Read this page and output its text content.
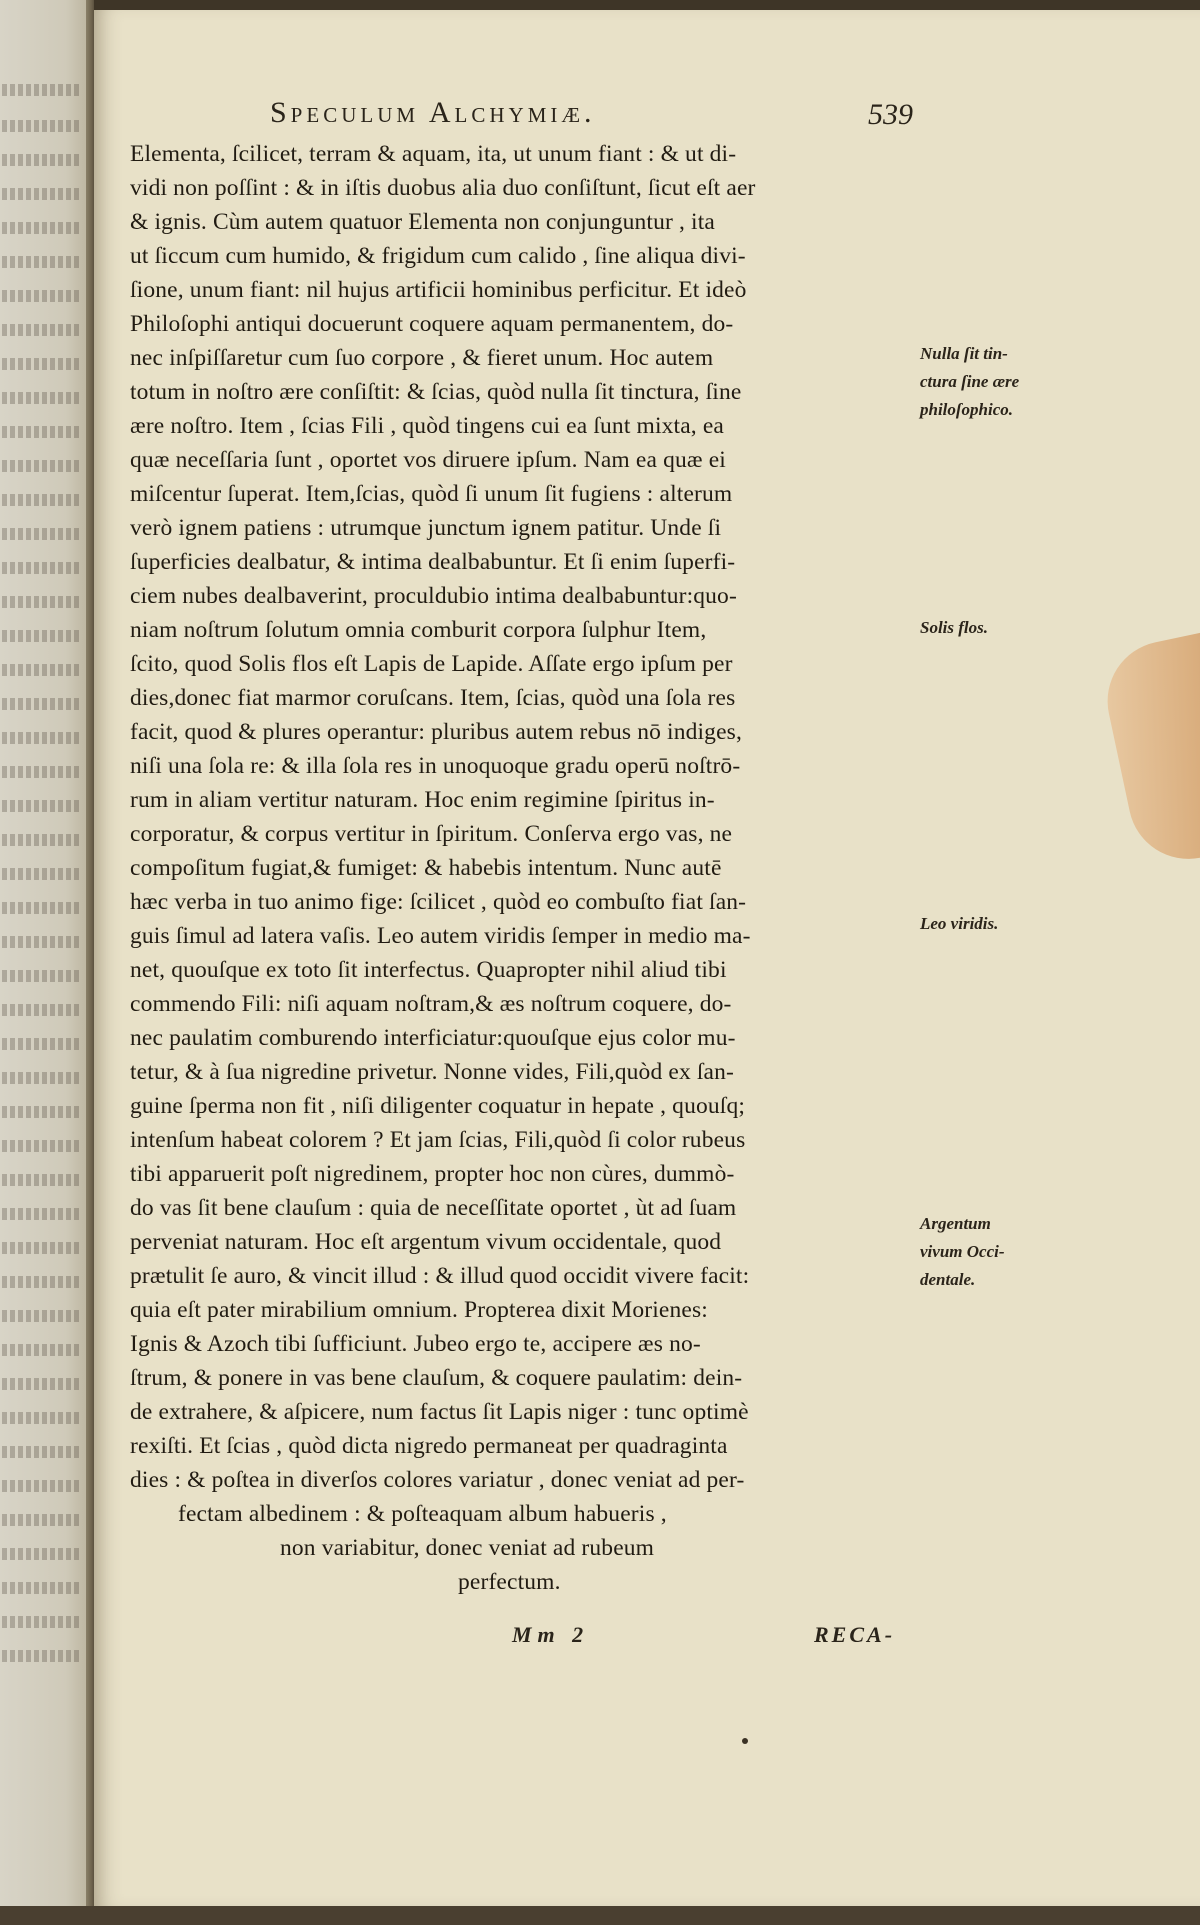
Speculum Alchymiæ.	539
Elementa, ſcilicet, terram & aquam, ita, ut unum fiant : & ut di-
vidi non poſſint : & in iſtis duobus alia duo conſiſtunt, ſicut eſt aer
& ignis. Cùm autem quatuor Elementa non conjunguntur , ita
ut ſiccum cum humido, & frigidum cum calido , ſine aliqua divi-
ſione, unum fiant: nil hujus artificii hominibus perficitur. Et ideò
Philoſophi antiqui docuerunt coquere aquam permanentem, do-
nec inſpiſſaretur cum ſuo corpore , & fieret unum. Hoc autem
totum in noſtro ære conſiſtit: & ſcias, quòd nulla ſit tinctura, ſine
ære noſtro. Item , ſcias Fili , quòd tingens cui ea ſunt mixta, ea
quæ neceſſaria ſunt , oportet vos diruere ipſum. Nam ea quæ ei
miſcentur ſuperat. Item,ſcias, quòd ſi unum ſit fugiens : alterum
verò ignem patiens : utrumque junctum ignem patitur. Unde ſi
ſuperficies dealbatur, & intima dealbabuntur. Et ſi enim ſuperfi-
ciem nubes dealbaverint, proculdubio intima dealbabuntur:quo-
niam noſtrum ſolutum omnia comburit corpora ſulphur Item,
ſcito, quod Solis flos eſt Lapis de Lapide. Aſſate ergo ipſum per
dies,donec fiat marmor coruſcans. Item, ſcias, quòd una ſola res
facit, quod & plures operantur: pluribus autem rebus nō indiges,
niſi una ſola re: & illa ſola res in unoquoque gradu operū noſtrō-
rum in aliam vertitur naturam. Hoc enim regimine ſpiritus in-
corporatur, & corpus vertitur in ſpiritum. Conſerva ergo vas, ne
compoſitum fugiat,& fumiget: & habebis intentum. Nunc autē
hæc verba in tuo animo fige: ſcilicet , quòd eo combuſto fiat ſan-
guis ſimul ad latera vaſis. Leo autem viridis ſemper in medio ma-
net, quouſque ex toto ſit interfectus. Quapropter nihil aliud tibi
commendo Fili: niſi aquam noſtram,& æs noſtrum coquere, do-
nec paulatim comburendo interficiatur:quouſque ejus color mu-
tetur, & à ſua nigredine privetur. Nonne vides, Fili,quòd ex ſan-
guine ſperma non fit , niſi diligenter coquatur in hepate , quouſq;
intenſum habeat colorem ? Et jam ſcias, Fili,quòd ſi color rubeus
tibi apparuerit poſt nigredinem, propter hoc non cùres, dummò-
do vas ſit bene clauſum : quia de neceſſitate oportet , ùt ad ſuam
perveniat naturam. Hoc eſt argentum vivum occidentale, quod
prætulit ſe auro, & vincit illud : & illud quod occidit vivere facit:
quia eſt pater mirabilium omnium. Propterea dixit Morienes:
Ignis & Azoch tibi ſufficiunt. Jubeo ergo te, accipere æs no-
ſtrum, & ponere in vas bene clauſum, & coquere paulatim: dein-
de extrahere, & aſpicere, num factus ſit Lapis niger : tunc optimè
rexiſti. Et ſcias , quòd dicta nigredo permaneat per quadraginta
dies : & poſtea in diverſos colores variatur , donec veniat ad per-
fectam albedinem : & poſteaquam album habueris ,
non variabitur, donec veniat ad rubeum
perfectum.
Nulla ſit tin-
ctura ſine ære
philoſophico.
Solis flos.
Leo viridis.
Argentum
vivum Occi-
dentale.
Mm 2	RECA-
